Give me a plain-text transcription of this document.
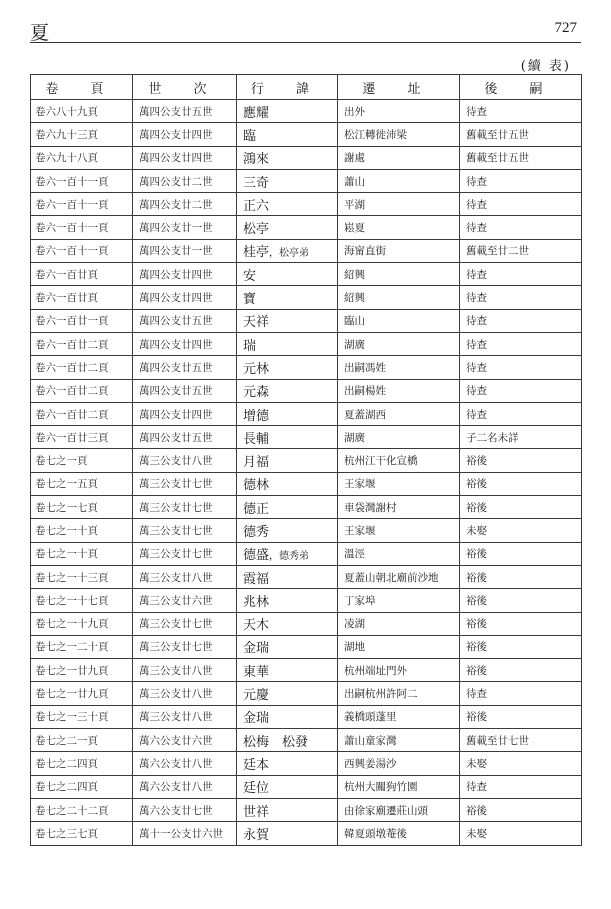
夏	727
(續 表)
卷 頁	世 次	行 諱	遷 址	後 嗣
卷六八十九頁	萬四公支廿五世	應耀	出外	待查
卷六九十三頁	萬四公支廿四世	臨	松江轉徙沛梁	舊載至廿五世
卷六九十八頁	萬四公支廿四世	鴻來	謝處	舊載至廿五世
卷六一百十一頁	萬四公支廿二世	三奇	蕭山	待查
卷六一百十一頁	萬四公支廿二世	正六	平湖	待查
卷六一百十一頁	萬四公支廿一世	松亭	崧夏	待查
卷六一百十一頁	萬四公支廿一世	桂亭，松亭弟	海甯直街	舊載至廿二世
卷六一百廿頁	萬四公支廿四世	安	紹興	待查
卷六一百廿頁	萬四公支廿四世	寶	紹興	待查
卷六一百廿一頁	萬四公支廿五世	天祥	臨山	待查
卷六一百廿二頁	萬四公支廿四世	瑞	湖廣	待查
卷六一百廿二頁	萬四公支廿五世	元林	出嗣馮姓	待查
卷六一百廿二頁	萬四公支廿五世	元森	出嗣楊姓	待查
卷六一百廿二頁	萬四公支廿四世	增德	夏蓋湖西	待查
卷六一百廿三頁	萬四公支廿五世	長輔	湖廣	子二名未詳
卷七之一頁	萬三公支廿八世	月福	杭州江干化宣橋	裕後
卷七之一五頁	萬三公支廿七世	德林	王家堰	裕後
卷七之一七頁	萬三公支廿七世	德正	車袋灣謝村	裕後
卷七之一十頁	萬三公支廿七世	德秀	王家堰	未娶
卷七之一十頁	萬三公支廿七世	德盛，德秀弟	溫涇	裕後
卷七之一十三頁	萬三公支廿八世	霞福	夏蓋山朝北廟前沙地	裕後
卷七之一十七頁	萬三公支廿六世	兆林	丁家埠	裕後
卷七之一十九頁	萬三公支廿七世	天木	凌湖	裕後
卷七之一二十頁	萬三公支廿七世	金瑞	湖地	裕後
卷七之一廿九頁	萬三公支廿八世	東華	杭州端址門外	裕後
卷七之一廿九頁	萬三公支廿八世	元慶	出嗣杭州許阿二	待查
卷七之一三十頁	萬三公支廿八世	金瑞	義橋頭蓬里	裕後
卷七之二一頁	萬六公支廿六世	松梅　松發	蕭山童家灣	舊載至廿七世
卷七之二四頁	萬六公支廿八世	廷本	西興姜湯沙	未娶
卷七之二四頁	萬六公支廿八世	廷位	杭州大關狗竹園	待查
卷七之二十二頁	萬六公支廿七世	世祥	由徐家廟遷莊山頭	裕後
卷七之三七頁	萬十一公支廿六世	永賀	韓夏頭墩菴後	未娶
